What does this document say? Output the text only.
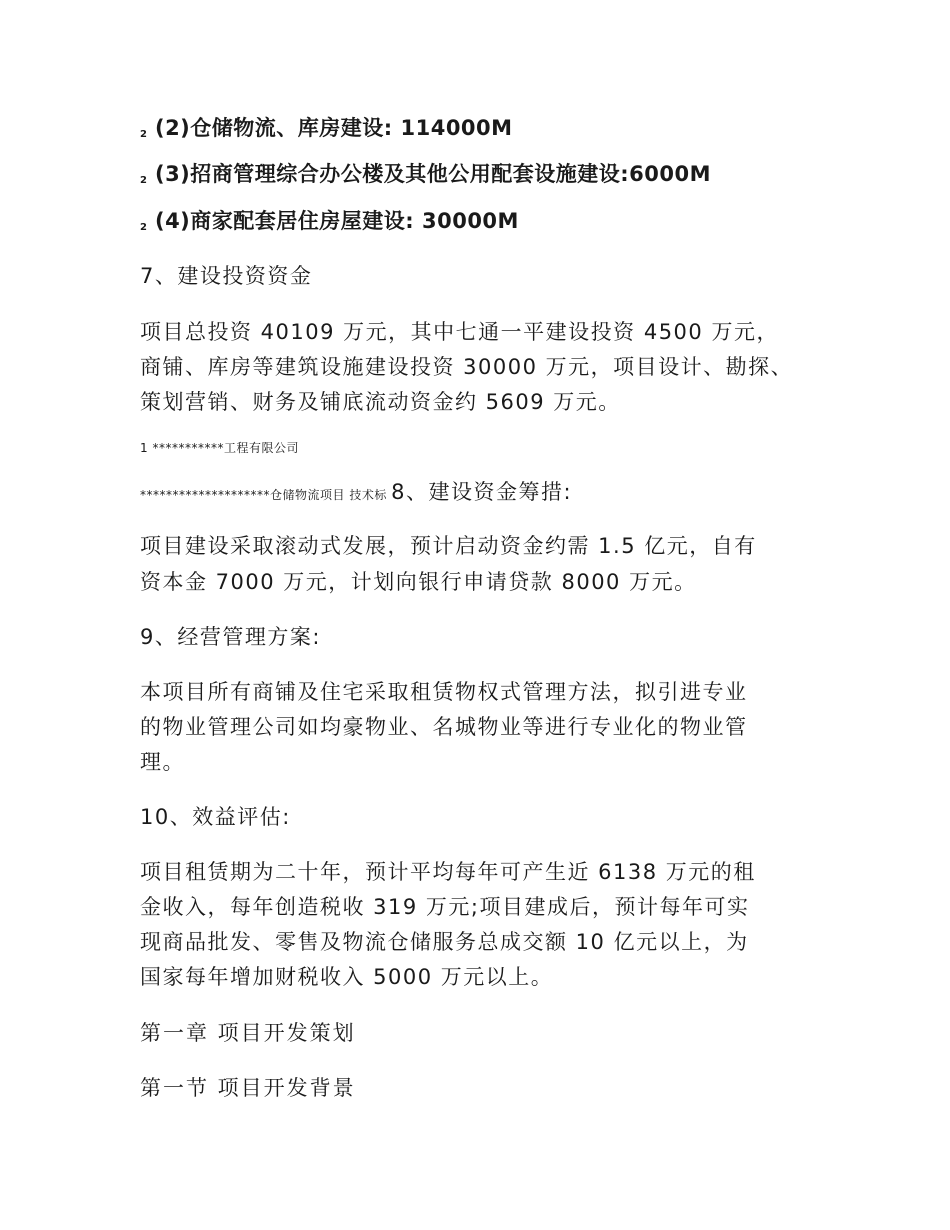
2 (2)仓储物流、库房建设: 114000M
2 (3)招商管理综合办公楼及其他公用配套设施建设:6000M
2 (4)商家配套居住房屋建设: 30000M
7、建设投资资金
项目总投资 40109 万元，其中七通一平建设投资 4500 万元，
商铺、库房等建筑设施建设投资 30000 万元，项目设计、勘探、
策划营销、财务及铺底流动资金约 5609 万元。
1 ***********工程有限公司
********************仓储物流项目 技术标 8、建设资金筹措:
项目建设采取滚动式发展，预计启动资金约需 1.5 亿元，自有
资本金 7000 万元，计划向银行申请贷款 8000 万元。
9、经营管理方案:
本项目所有商铺及住宅采取租赁物权式管理方法，拟引进专业
的物业管理公司如均豪物业、名城物业等进行专业化的物业管
理。
10、效益评估:
项目租赁期为二十年，预计平均每年可产生近 6138 万元的租
金收入，每年创造税收 319 万元;项目建成后，预计每年可实
现商品批发、零售及物流仓储服务总成交额 10 亿元以上，为
国家每年增加财税收入 5000 万元以上。
第一章 项目开发策划
第一节 项目开发背景
